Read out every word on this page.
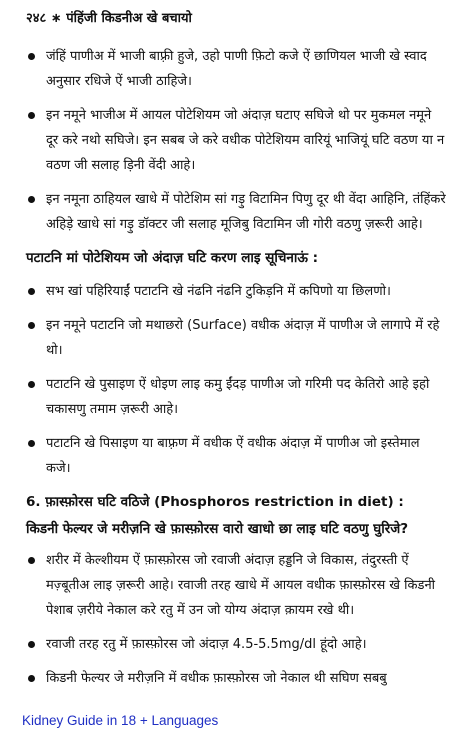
२४८ ∗ पंहिंजी किडनीअ खे बचायो
जंहिं पाणीअ में भाजी बाफ़्री हुजे, उहो पाणी फ़िटो कजे ऐं छाणियल भाजी खे स्वाद अनुसार रधिजे ऐं भाजी ठाहिजे।
इन नमूने भाजीअ में आयल पोटेशियम जो अंदाज़ घटाए सघिजे थो पर मुकमल नमूने दूर करे नथो सघिजे। इन सबब जे करे वधीक पोटेशियम वारियूं भाजियूं घटि वठण या न वठण जी सलाह ड़िनी वेंदी आहे।
इन नमूना ठाहियल खाधे में पोटेशिम सां गड़ु विटामिन पिणु दूर थी वेंदा आहिनि, तंहिंकरे अहिड़े खाधे सां गड़ु डॉक्टर जी सलाह मूजिबु विटामिन जी गोरी वठणु ज़रूरी आहे।
पटाटनि मां पोटेशियम जो अंदाज़ घटि करण लाइ सूचिनाऊं :
सभ खां पहिरियाईं पटाटनि खे नंढनि नंढनि टुकिड़नि में कपिणो या छिलणो।
इन नमूने पटाटनि जो मथाछरो (Surface) वधीक अंदाज़ में पाणीअ जे लागापे में रहे थो।
पटाटनि खे पुसाइण ऐं धोइण लाइ कमु ईंदड़ पाणीअ जो गरिमी पद केतिरो आहे इहो चकासणु तमाम ज़रूरी आहे।
पटाटनि खे पिसाइण या बाफ़्रण में वधीक ऐं वधीक अंदाज़ में पाणीअ जो इस्तेमाल कजे।
6. फ़ास्फ़ोरस घटि वठिजे (Phosphoros restriction in diet) :
किडनी फेल्यर जे मरीज़नि खे फ़ास्फ़ोरस वारो खाधो छा लाइ घटि वठणु घुरिजे?
शरीर में केल्शीयम ऐं फ़ास्फ़ोरस जो रवाजी अंदाज़ हड्डनि जे विकास, तंदुरस्ती ऐं मज़्बूतीअ लाइ ज़रूरी आहे। रवाजी तरह खाधे में आयल वधीक फ़ास्फ़ोरस खे किडनी पेशाब ज़रीये नेकाल करे रतु में उन जो योग्य अंदाज़ क़ायम रखे थी।
रवाजी तरह रतु में फ़ास्फ़ोरस जो अंदाज़ 4.5-5.5mg/dl हूंदो आहे।
किडनी फेल्यर जे मरीज़नि में वधीक फ़ास्फ़ोरस जो नेकाल थी सघिण सबबु
Kidney Guide in 18 + Languages
